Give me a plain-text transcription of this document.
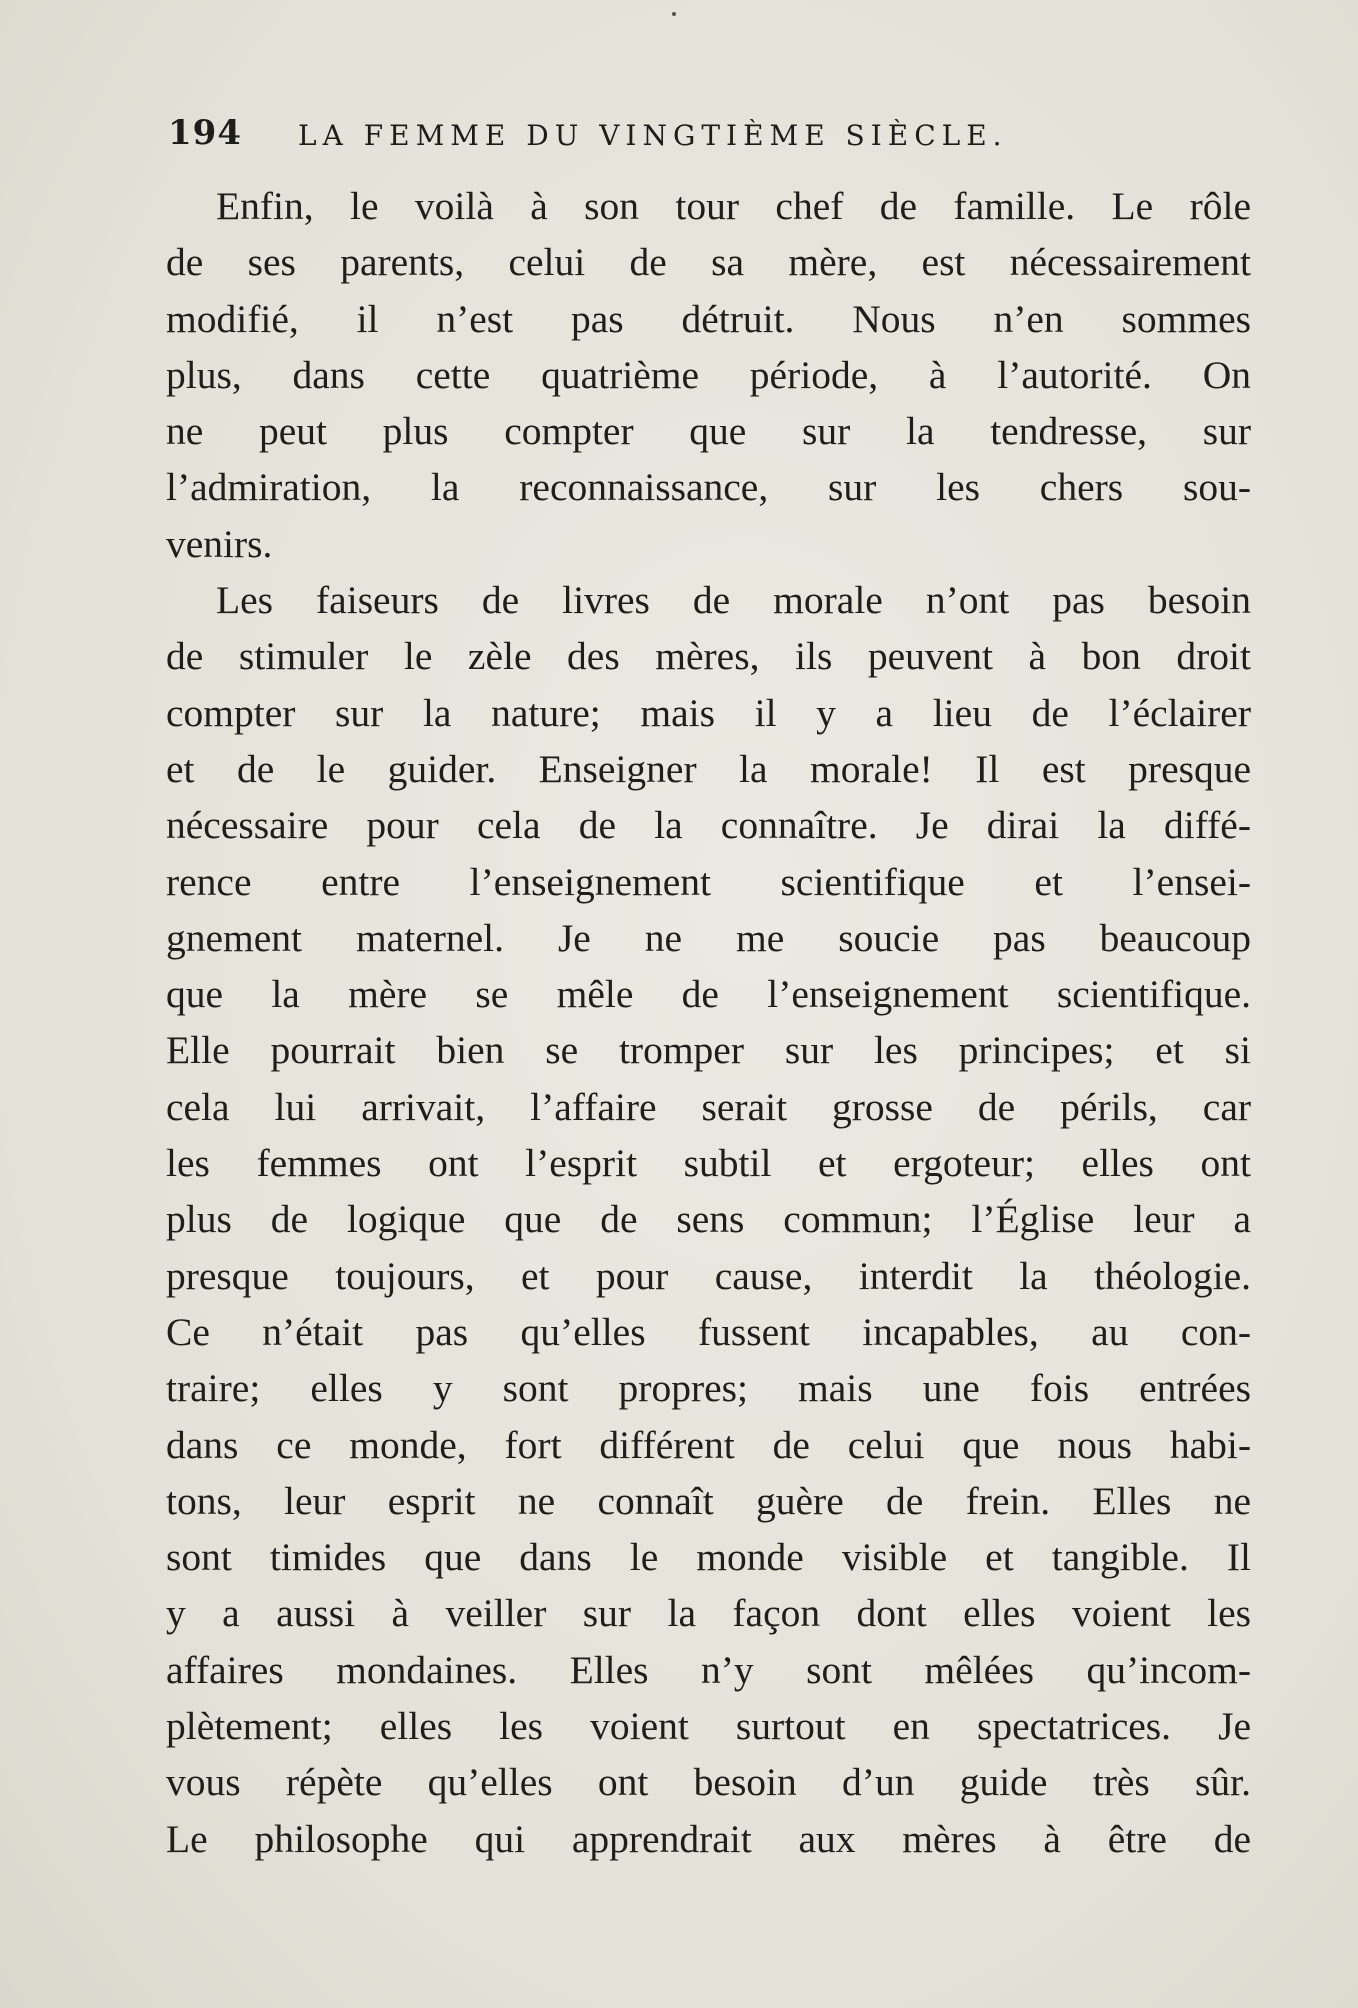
194 LA FEMME DU VINGTIÈME SIÈCLE.
Enfin, le voilà à son tour chef de famille. Le rôle
de ses parents, celui de sa mère, est nécessairement
modifié, il n’est pas détruit. Nous n’en sommes
plus, dans cette quatrième période, à l’autorité. On
ne peut plus compter que sur la tendresse, sur
l’admiration, la reconnaissance, sur les chers sou-
venirs.
Les faiseurs de livres de morale n’ont pas besoin
de stimuler le zèle des mères, ils peuvent à bon droit
compter sur la nature; mais il y a lieu de l’éclairer
et de le guider. Enseigner la morale! Il est presque
nécessaire pour cela de la connaître. Je dirai la diffé-
rence entre l’enseignement scientifique et l’ensei-
gnement maternel. Je ne me soucie pas beaucoup
que la mère se mêle de l’enseignement scientifique.
Elle pourrait bien se tromper sur les principes; et si
cela lui arrivait, l’affaire serait grosse de périls, car
les femmes ont l’esprit subtil et ergoteur; elles ont
plus de logique que de sens commun; l’Église leur a
presque toujours, et pour cause, interdit la théologie.
Ce n’était pas qu’elles fussent incapables, au con-
traire; elles y sont propres; mais une fois entrées
dans ce monde, fort différent de celui que nous habi-
tons, leur esprit ne connaît guère de frein. Elles ne
sont timides que dans le monde visible et tangible. Il
y a aussi à veiller sur la façon dont elles voient les
affaires mondaines. Elles n’y sont mêlées qu’incom-
plètement; elles les voient surtout en spectatrices. Je
vous répète qu’elles ont besoin d’un guide très sûr.
Le philosophe qui apprendrait aux mères à être de
